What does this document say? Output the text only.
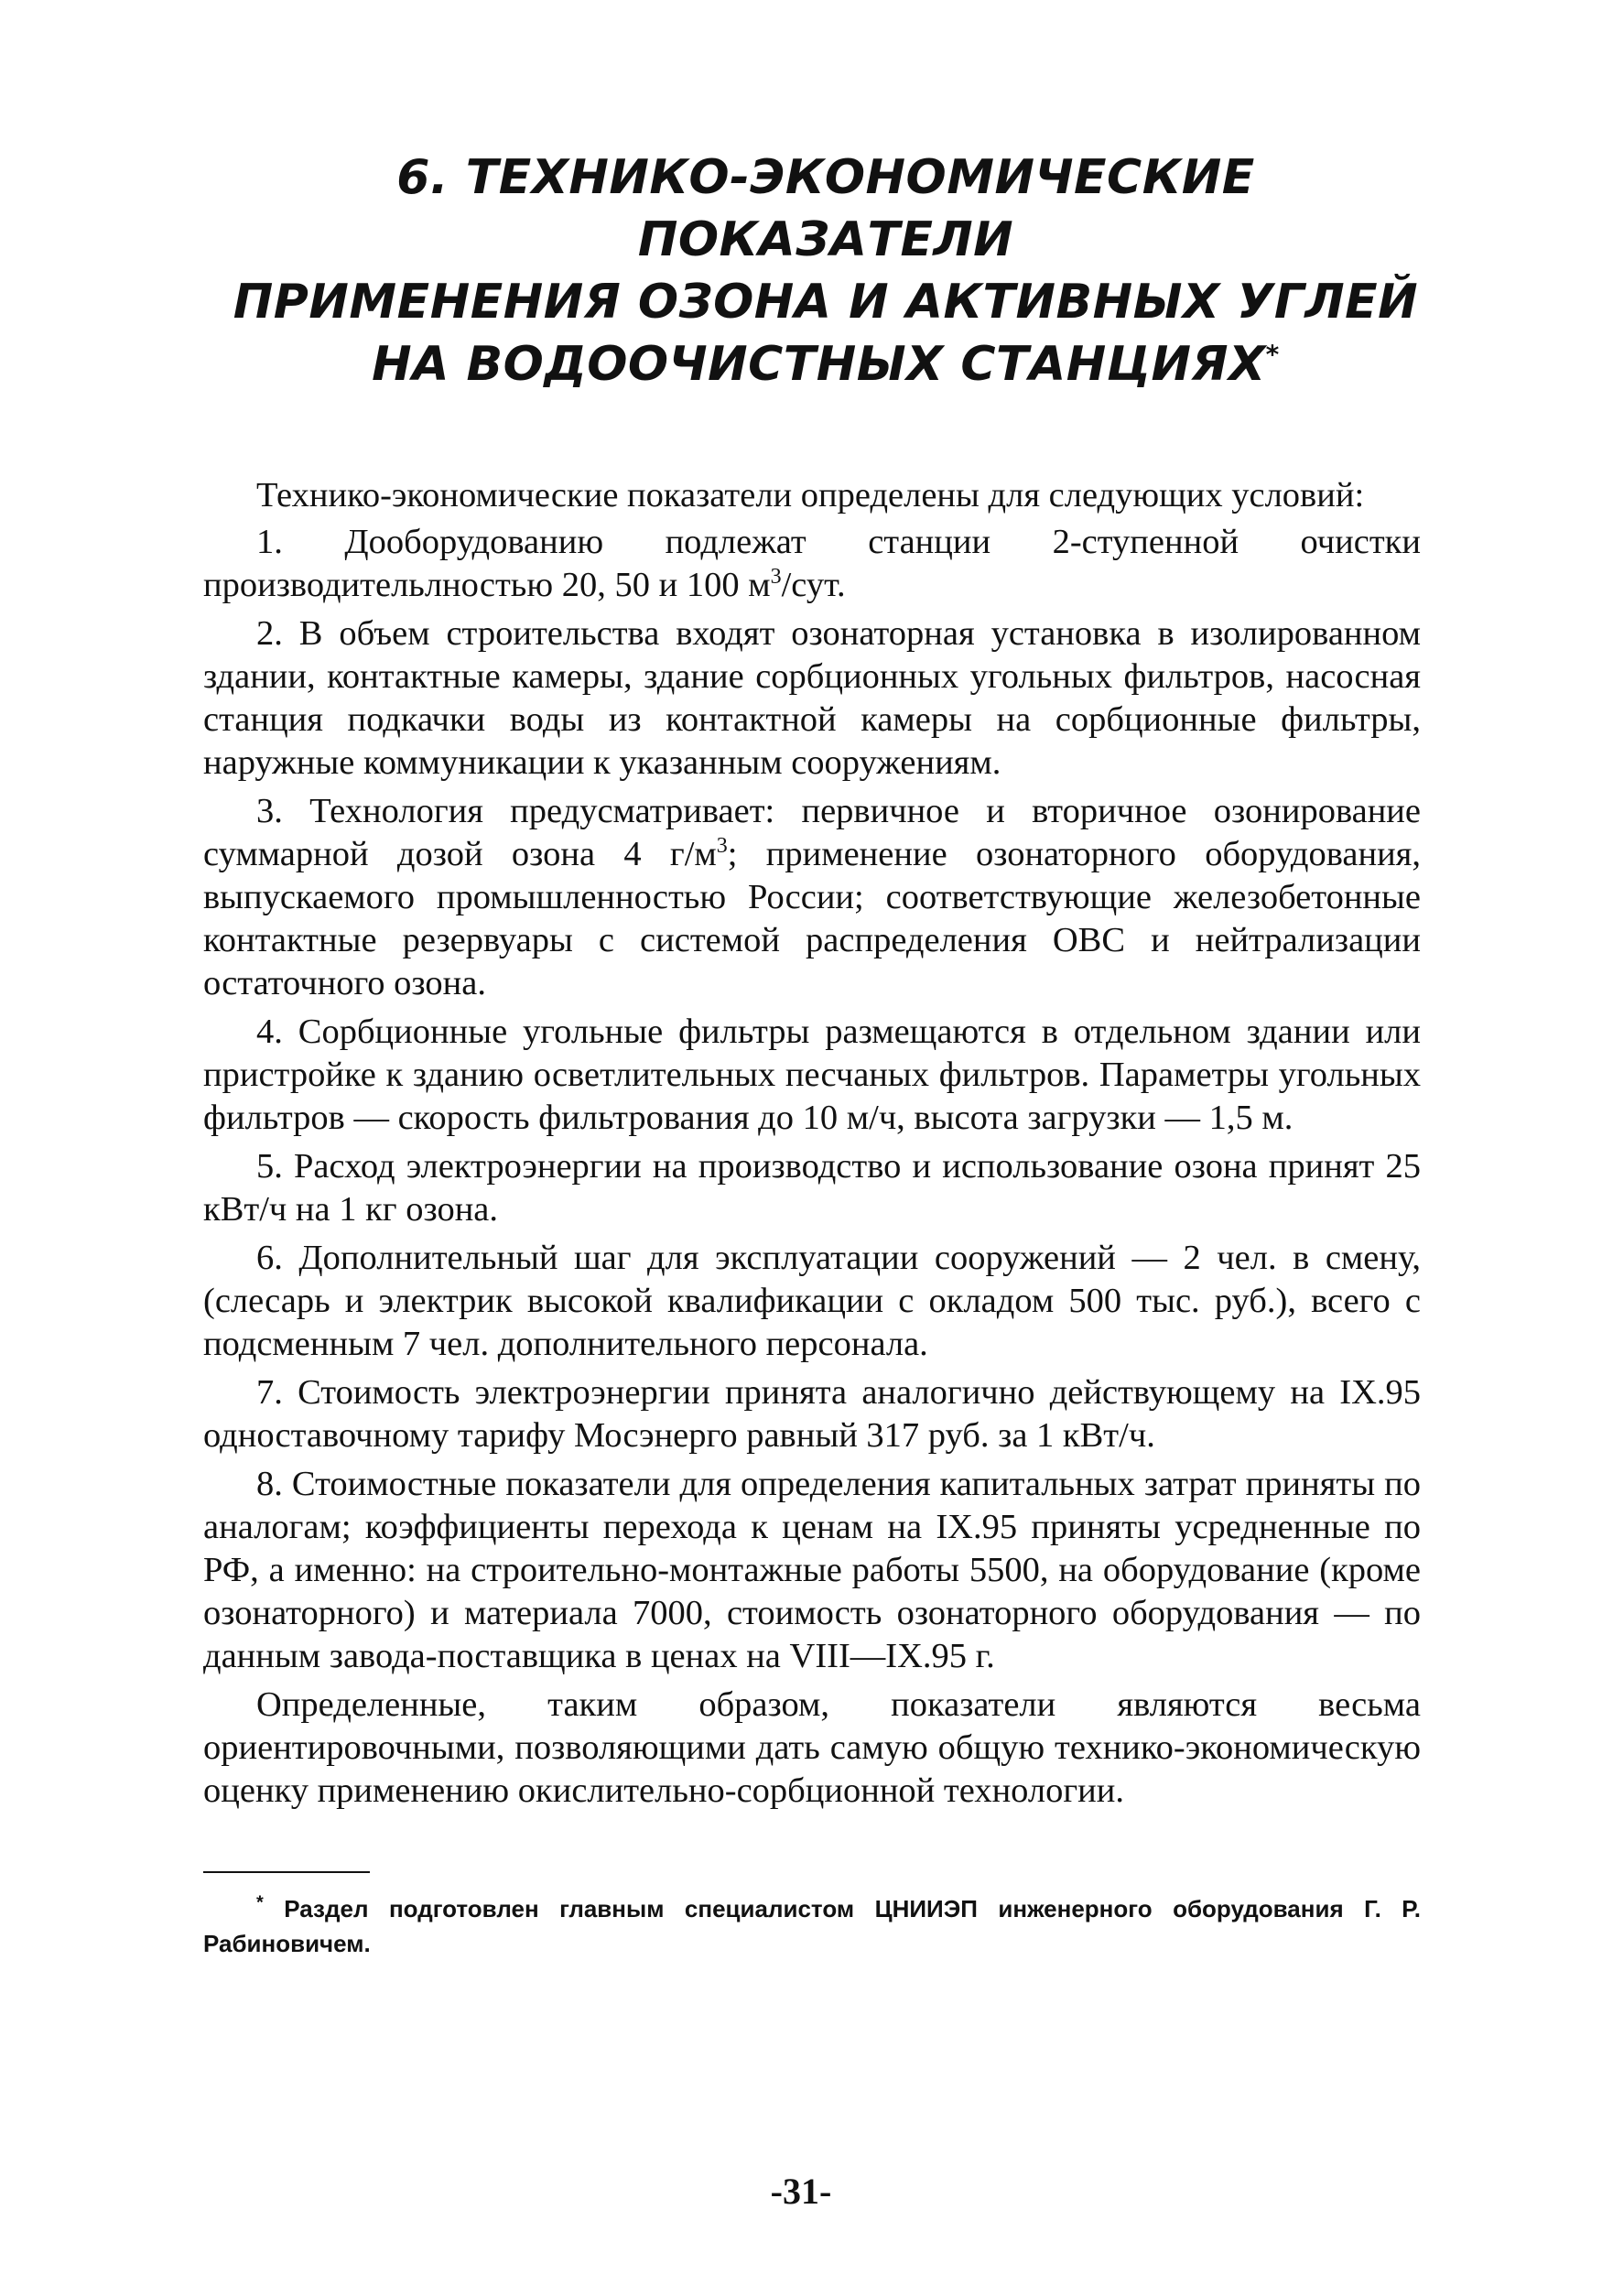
6. ТЕХНИКО-ЭКОНОМИЧЕСКИЕ ПОКАЗАТЕЛИ
ПРИМЕНЕНИЯ ОЗОНА И АКТИВНЫХ УГЛЕЙ
НА ВОДООЧИСТНЫХ СТАНЦИЯХ*

Технико-экономические показатели определены для следующих условий:

1. Дооборудованию подлежат станции 2-ступенной очистки производительлностью 20, 50 и 100 $м^3$/сут.

2. В объем строительства входят озонаторная установка в изолированном здании, контактные камеры, здание сорбционных угольных фильтров, насосная станция подкачки воды из контактной камеры на сорбционные фильтры, наружные коммуникации к указанным сооружениям.

3. Технология предусматривает: первичное и вторичное озонирование суммарной дозой озона 4 $г/м^3$; применение озонаторного оборудования, выпускаемого промышленностью России; соответствующие железобетонные контактные резервуары с системой распределения ОВС и нейтрализации остаточного озона.

4. Сорбционные угольные фильтры размещаются в отдельном здании или пристройке к зданию осветлительных песчаных фильтров. Параметры угольных фильтров — скорость фильтрования до 10 м/ч, высота загрузки — 1,5 м.

5. Расход электроэнергии на производство и использование озона принят 25 кВт/ч на 1 кг озона.

6. Дополнительный шаг для эксплуатации сооружений — 2 чел. в смену,(слесарь и электрик высокой квалификации с окладом 500 тыс. руб.), всего с подсменным 7 чел. дополнительного персонала.

7. Стоимость электроэнергии принята аналогично действующему на IX.95 одноставочному тарифу Мосэнерго равный 317 руб. за 1 кВт/ч.

8. Стоимостные показатели для определения капитальных затрат приняты по аналогам; коэффициенты перехода к ценам на IX.95 приняты усредненные по РФ, а именно: на строительно-монтажные работы 5500, на оборудование (кроме озонаторного) и материала 7000, стоимость озонаторного оборудования — по данным завода-поставщика в ценах на VIII—IX.95 г.

Определенные, таким образом, показатели являются весьма ориентировочными, позволяющими дать самую общую технико-экономическую оценку применению окислительно-сорбционной технологии.

* Раздел подготовлен главным специалистом ЦНИИЭП инженерного оборудования Г. Р. Рабиновичем.
-31-
